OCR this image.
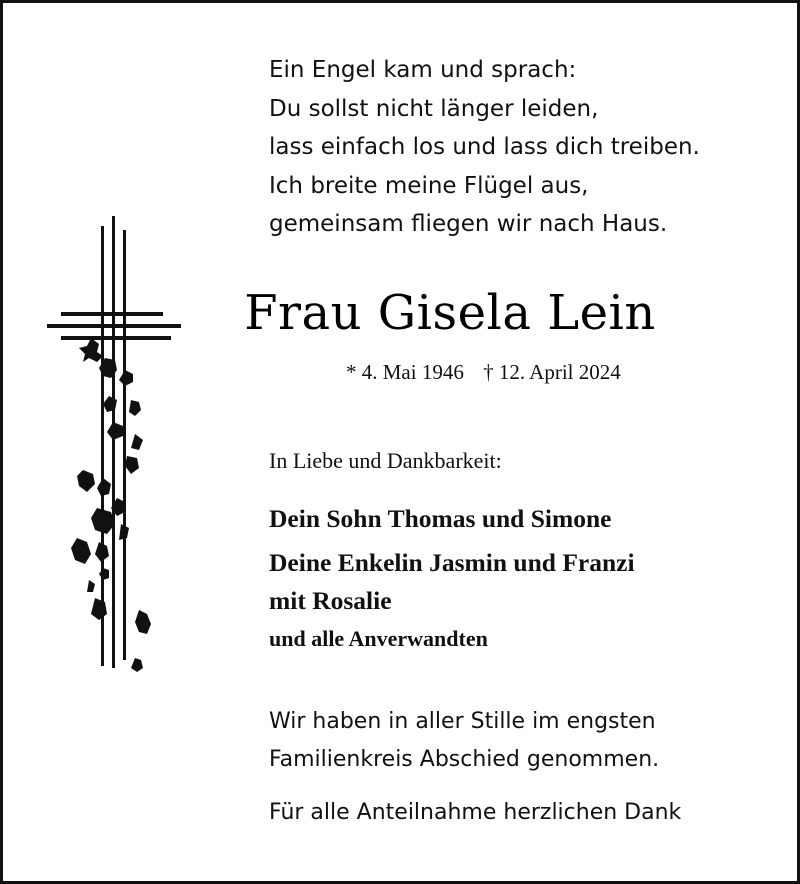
Ein Engel kam und sprach:
Du sollst nicht länger leiden,
lass einfach los und lass dich treiben.
Ich breite meine Flügel aus,
gemeinsam fliegen wir nach Haus.
Frau Gisela Lein
* 4. Mai 1946 † 12. April 2024
In Liebe und Dankbarkeit:
Dein Sohn Thomas und Simone
Deine Enkelin Jasmin und Franzi
mit Rosalie
und alle Anverwandten
Wir haben in aller Stille im engsten
Familienkreis Abschied genommen.
Für alle Anteilnahme herzlichen Dank
